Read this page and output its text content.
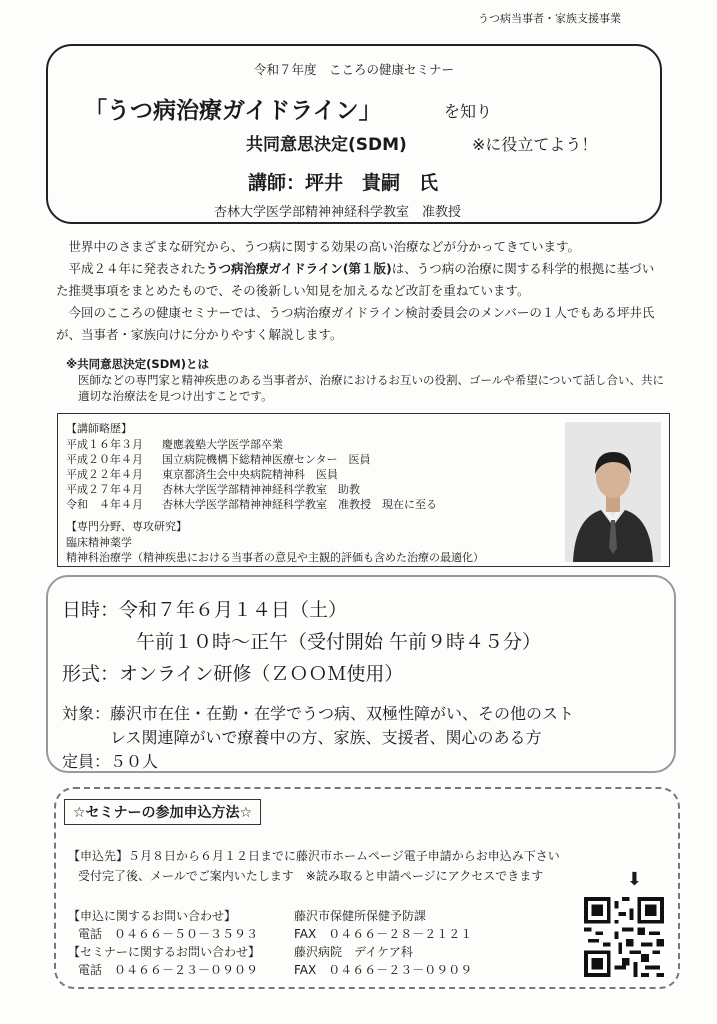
うつ病当事者・家族支援事業
令和７年度　こころの健康セミナー
「うつ病治療ガイドライン」	を知り
共同意思決定(SDM)	※に役立てよう！
講師：坪井　貴嗣　氏
杏林大学医学部精神神経科学教室　准教授

世界中のさまざまな研究から、うつ病に関する効果の高い治療などが分かってきています。

平成２４年に発表されたうつ病治療ガイドライン(第１版)は、うつ病の治療に関する科学的根拠に基づいた推奨事項をまとめたもので、その後新しい知見を加えるなど改訂を重ねています。

今回のこころの健康セミナーでは、うつ病治療ガイドライン検討委員会のメンバーの１人でもある坪井氏が、当事者・家族向けに分かりやすく解説します。

※共同意思決定(SDM)とは
医師などの専門家と精神疾患のある当事者が、治療におけるお互いの役割、ゴールや希望について話し合い、共に適切な治療法を見つけ出すことです。
【講師略歴】
平成１６年３月 慶應義塾大学医学部卒業
平成２０年４月 国立病院機構下総精神医療センター　医員
平成２２年４月 東京都済生会中央病院精神科　医員
平成２７年４月 杏林大学医学部精神神経科学教室　助教
令和　４年４月 杏林大学医学部精神神経科学教室　准教授　現在に至る
【専門分野、専攻研究】
臨床精神薬学
精神科治療学（精神疾患における当事者の意見や主観的評価も含めた治療の最適化）
日時：令和７年６月１４日（土）
午前１０時～正午（受付開始 午前９時４５分）
形式：オンライン研修（ＺＯＯＭ使用）
対象：藤沢市在住・在勤・在学でうつ病、双極性障がい、その他のスト
レス関連障がいで療養中の方、家族、支援者、関心のある方
定員：５０人
☆セミナーの参加申込方法☆
【申込先】５月８日から６月１２日までに藤沢市ホームページ電子申請からお申込み下さい
受付完了後、メールでご案内いたします　※読み取ると申請ページにアクセスできます	⬇
【申込に関するお問い合わせ】	藤沢市保健所保健予防課
電話　０４６６－５０－３５９３	FAX　０４６６－２８－２１２１
【セミナーに関するお問い合わせ】	藤沢病院　デイケア科
電話　０４６６－２３－０９０９	FAX　０４６６－２３－０９０９
